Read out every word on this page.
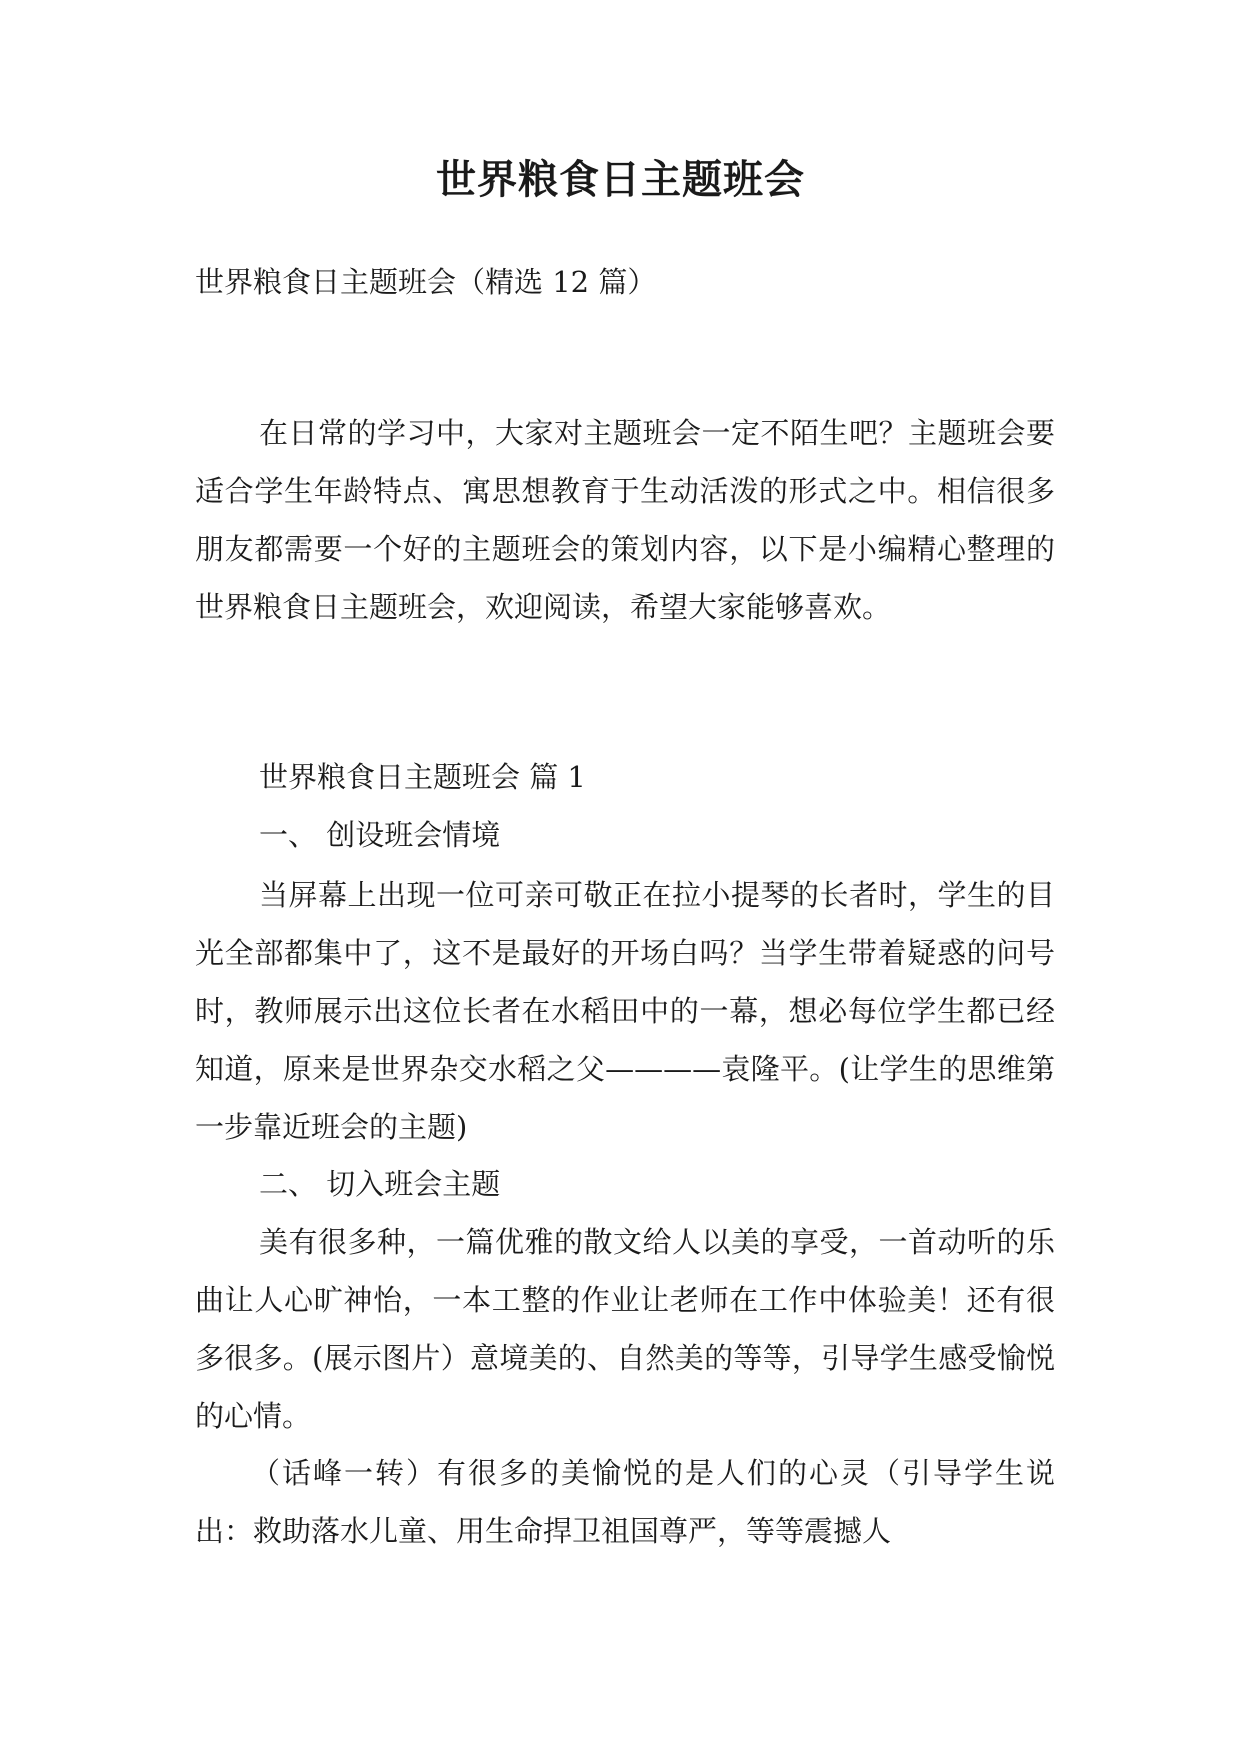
世界粮食日主题班会

世界粮食日主题班会（精选 12 篇）

在日常的学习中，大家对主题班会一定不陌生吧？主题班会要适合学生年龄特点、寓思想教育于生动活泼的形式之中。相信很多朋友都需要一个好的主题班会的策划内容，以下是小编精心整理的世界粮食日主题班会，欢迎阅读，希望大家能够喜欢。

世界粮食日主题班会 篇 1

一、 创设班会情境

当屏幕上出现一位可亲可敬正在拉小提琴的长者时，学生的目光全部都集中了，这不是最好的开场白吗？当学生带着疑惑的问号时，教师展示出这位长者在水稻田中的一幕，想必每位学生都已经知道，原来是世界杂交水稻之父————袁隆平。(让学生的思维第一步靠近班会的主题)

二、 切入班会主题

美有很多种，一篇优雅的散文给人以美的享受，一首动听的乐曲让人心旷神怡，一本工整的作业让老师在工作中体验美！还有很多很多。(展示图片）意境美的、自然美的等等，引导学生感受愉悦的心情。

（话峰一转）有很多的美愉悦的是人们的心灵（引导学生说出：救助落水儿童、用生命捍卫祖国尊严，等等震撼人
